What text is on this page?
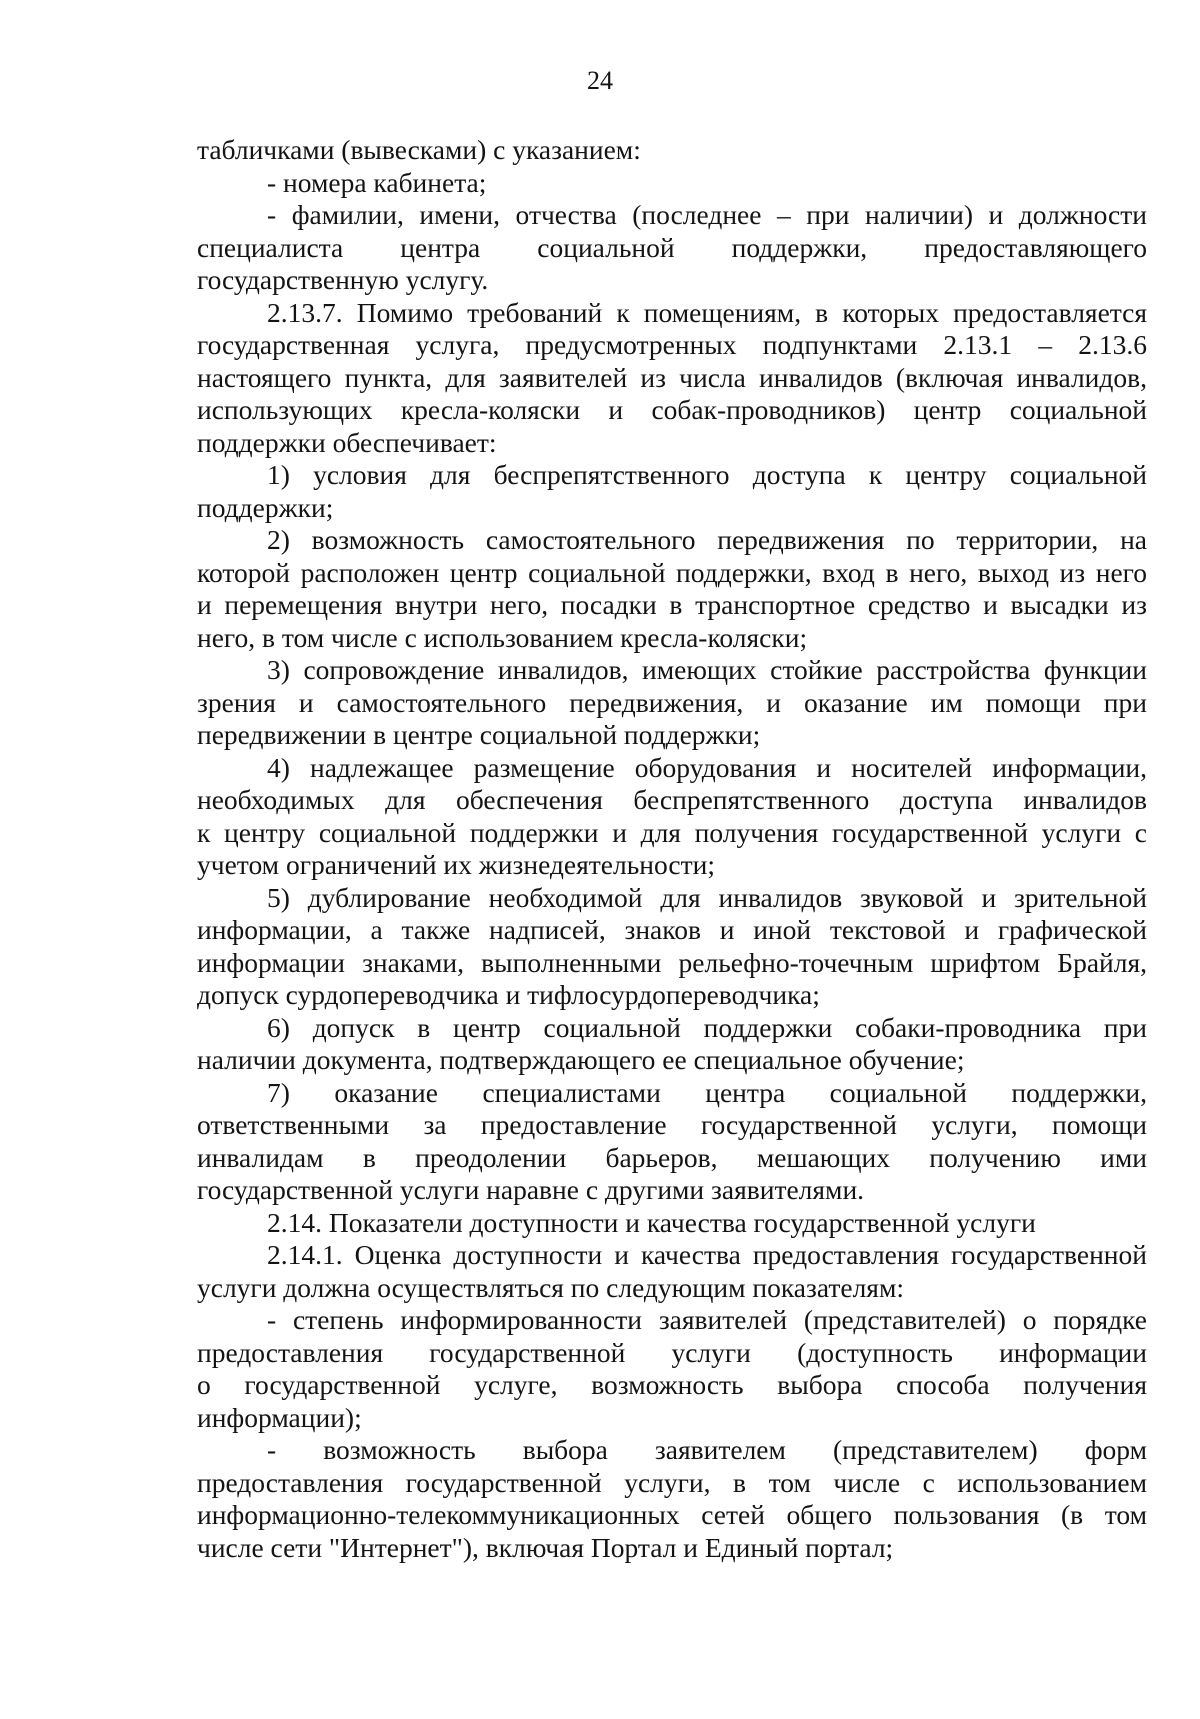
24
табличками (вывесками) с указанием:
- номера кабинета;
- фамилии, имени, отчества (последнее – при наличии) и должности
специалиста центра социальной поддержки, предоставляющего
государственную услугу.
2.13.7. Помимо требований к помещениям, в которых предоставляется
государственная услуга, предусмотренных подпунктами 2.13.1 – 2.13.6
настоящего пункта, для заявителей из числа инвалидов (включая инвалидов,
использующих кресла-коляски и собак-проводников) центр социальной
поддержки обеспечивает:
1) условия для беспрепятственного доступа к центру социальной
поддержки;
2) возможность самостоятельного передвижения по территории, на
которой расположен центр социальной поддержки, вход в него, выход из него
и перемещения внутри него, посадки в транспортное средство и высадки из
него, в том числе с использованием кресла-коляски;
3) сопровождение инвалидов, имеющих стойкие расстройства функции
зрения и самостоятельного передвижения, и оказание им помощи при
передвижении в центре социальной поддержки;
4) надлежащее размещение оборудования и носителей информации,
необходимых для обеспечения беспрепятственного доступа инвалидов
к центру социальной поддержки и для получения государственной услуги с
учетом ограничений их жизнедеятельности;
5) дублирование необходимой для инвалидов звуковой и зрительной
информации, а также надписей, знаков и иной текстовой и графической
информации знаками, выполненными рельефно-точечным шрифтом Брайля,
допуск сурдопереводчика и тифлосурдопереводчика;
6) допуск в центр социальной поддержки собаки-проводника при
наличии документа, подтверждающего ее специальное обучение;
7) оказание специалистами центра социальной поддержки,
ответственными за предоставление государственной услуги, помощи
инвалидам в преодолении барьеров, мешающих получению ими
государственной услуги наравне с другими заявителями.
2.14. Показатели доступности и качества государственной услуги
2.14.1. Оценка доступности и качества предоставления государственной
услуги должна осуществляться по следующим показателям:
- степень информированности заявителей (представителей) о порядке
предоставления государственной услуги (доступность информации
о государственной услуге, возможность выбора способа получения
информации);
- возможность выбора заявителем (представителем) форм
предоставления государственной услуги, в том числе с использованием
информационно-телекоммуникационных сетей общего пользования (в том
числе сети "Интернет"), включая Портал и Единый портал;
